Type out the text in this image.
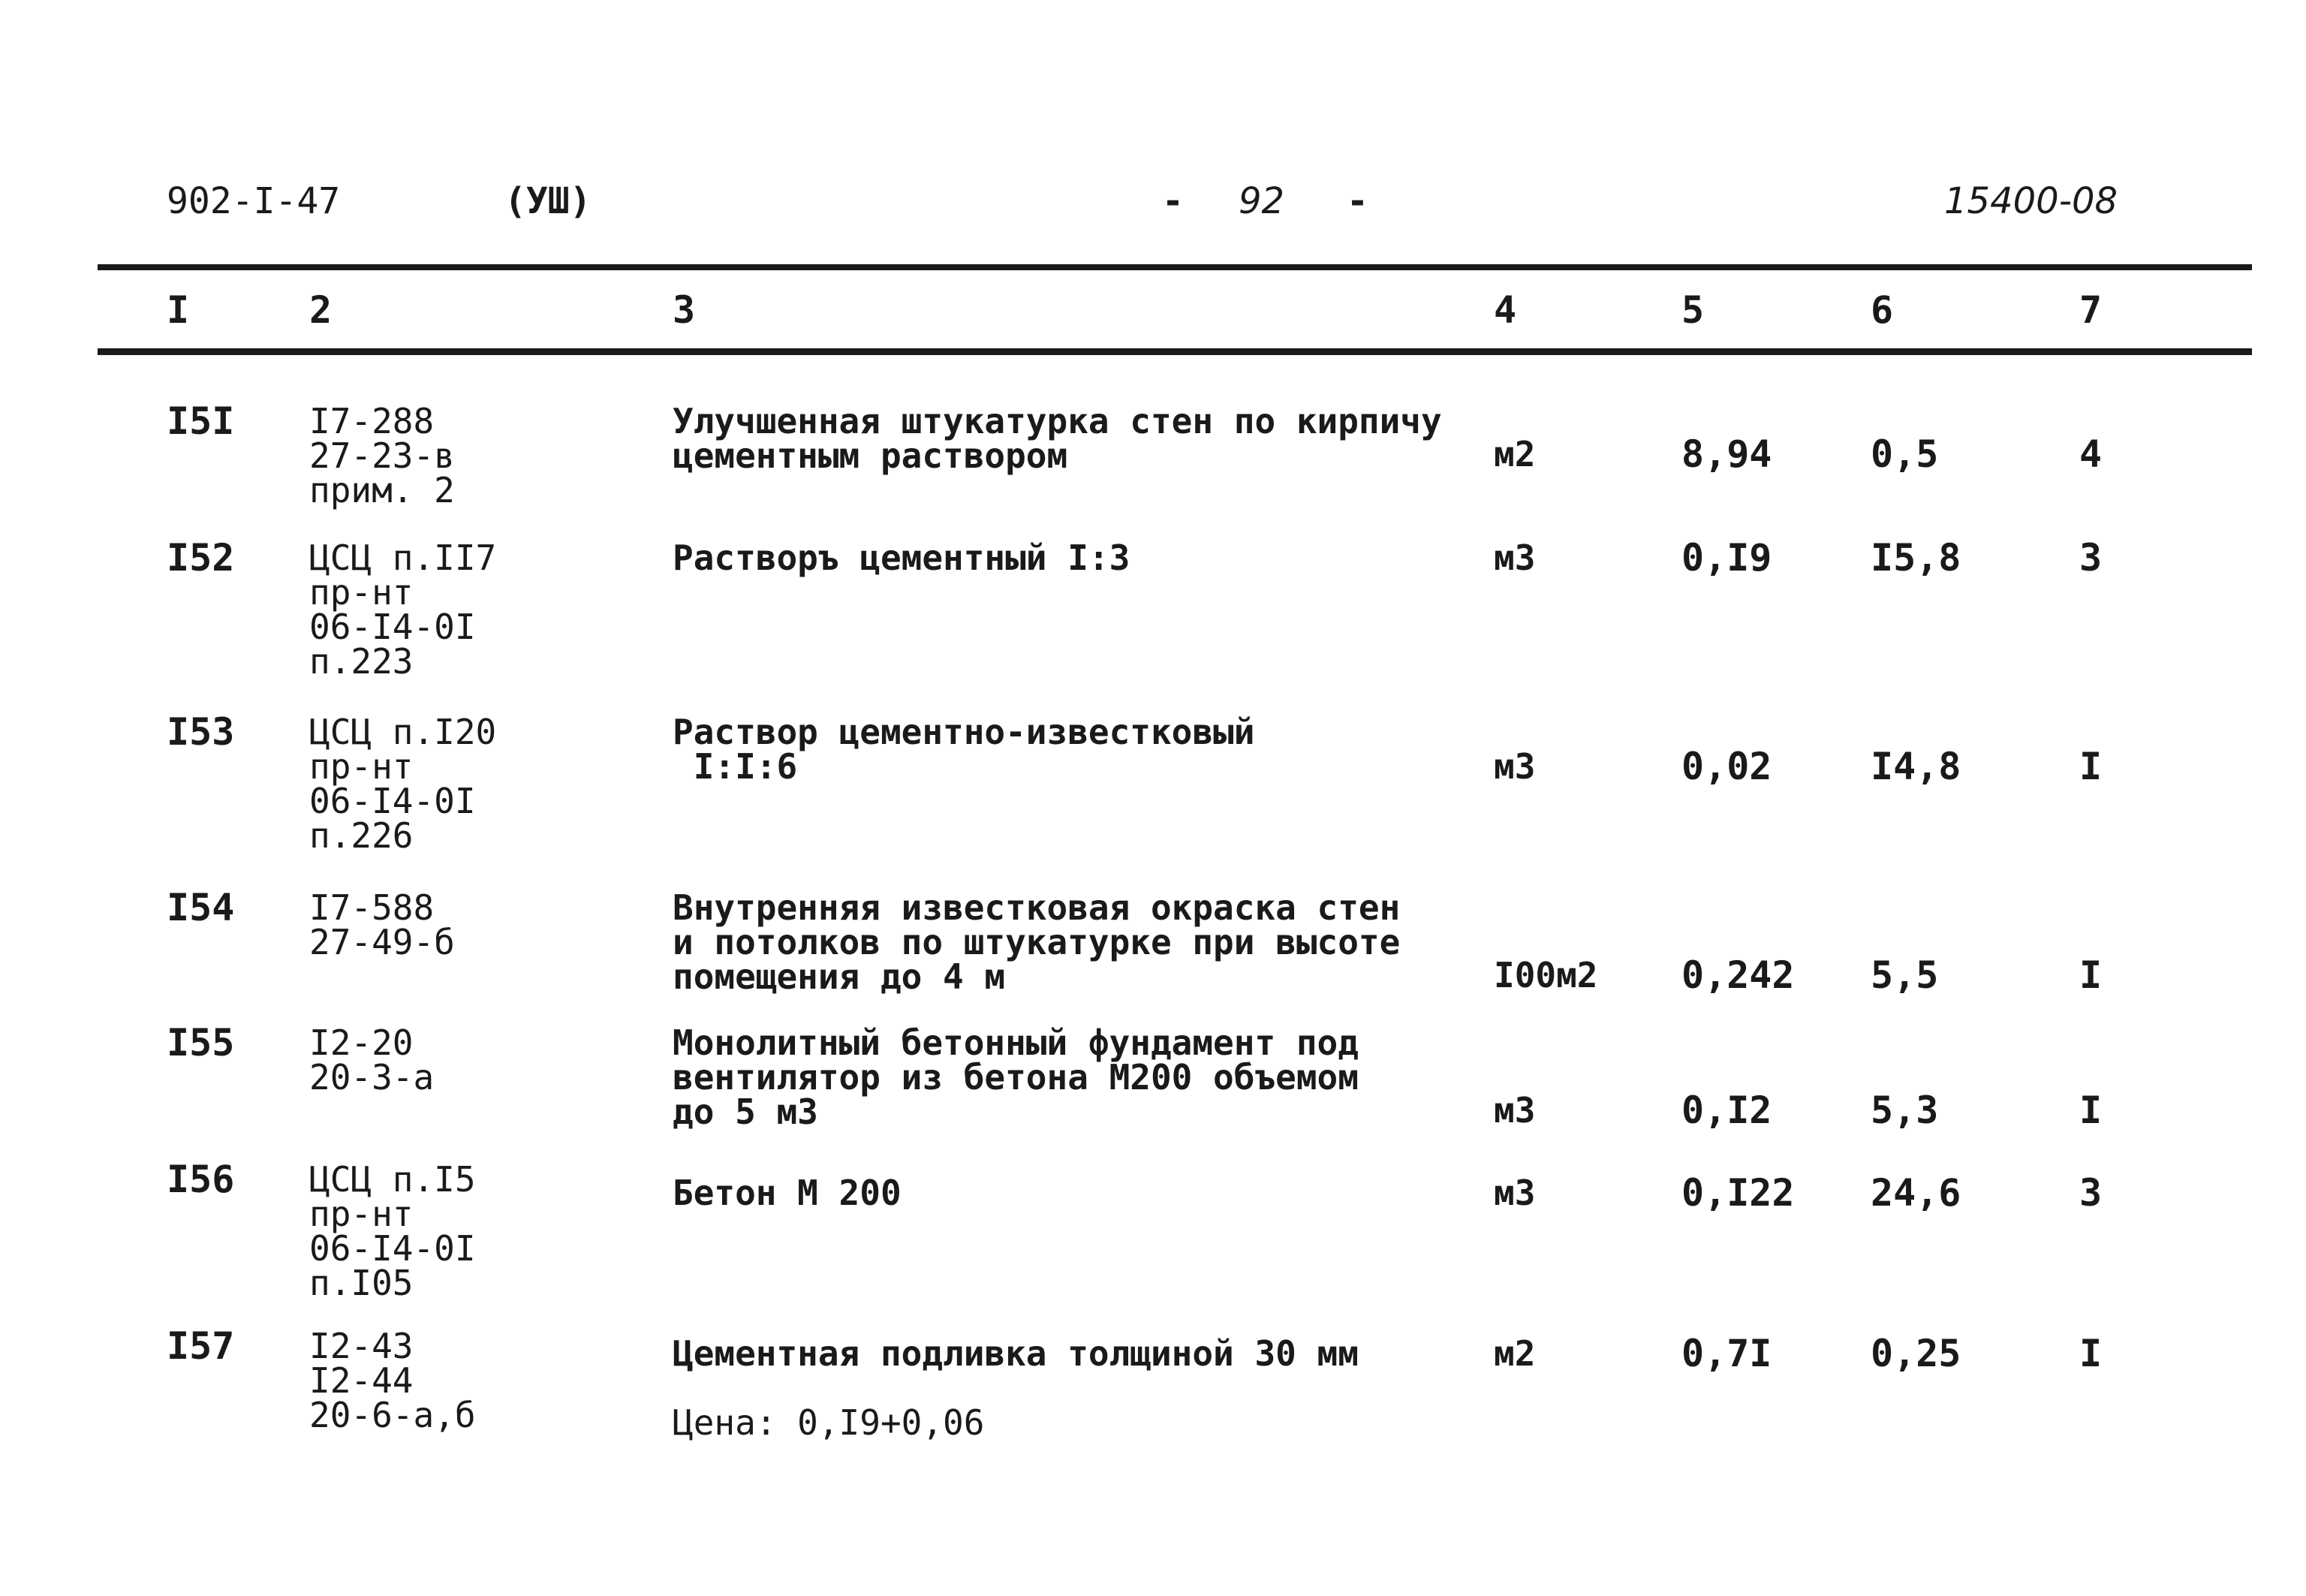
902-I-47	(УШ)	- 92 -	15400-08
I	2	3	4	5	6	7
I5I I7-288
27-23-в
прим. 2
Улучшенная штукатурка стен по кирпичу
цементным раствором	м2	8,94	0,5	4
I52 ЦСЦ п.II7
пр-нт
06-I4-0I
п.223
Растворъ цементный I:3	м3	0,I9	I5,8	3
I53 ЦСЦ п.I20
пр-нт
06-I4-0I
п.226
Раствор цементно-известковый
I:I:6	м3	0,02	I4,8	I
I54 I7-588
27-49-б
Внутренняя известковая окраска стен
и потолков по штукатурке при высоте
помещения до 4 м	I00м2 0,242 5,5	I
I55 I2-20
20-3-а
Монолитный бетонный фундамент под
вентилятор из бетона М200 объемом
до 5 м3	м3	0,I2	5,3	I
I56 ЦСЦ п.I5
пр-нт
06-I4-0I
п.I05
Бетон М 200	м3	0,I22 24,6	3
I57 I2-43
I2-44
20-6-а,б
Цементная подливка толщиной 30 мм	м2	0,7I	0,25	I
Цена: 0,I9+0,06
